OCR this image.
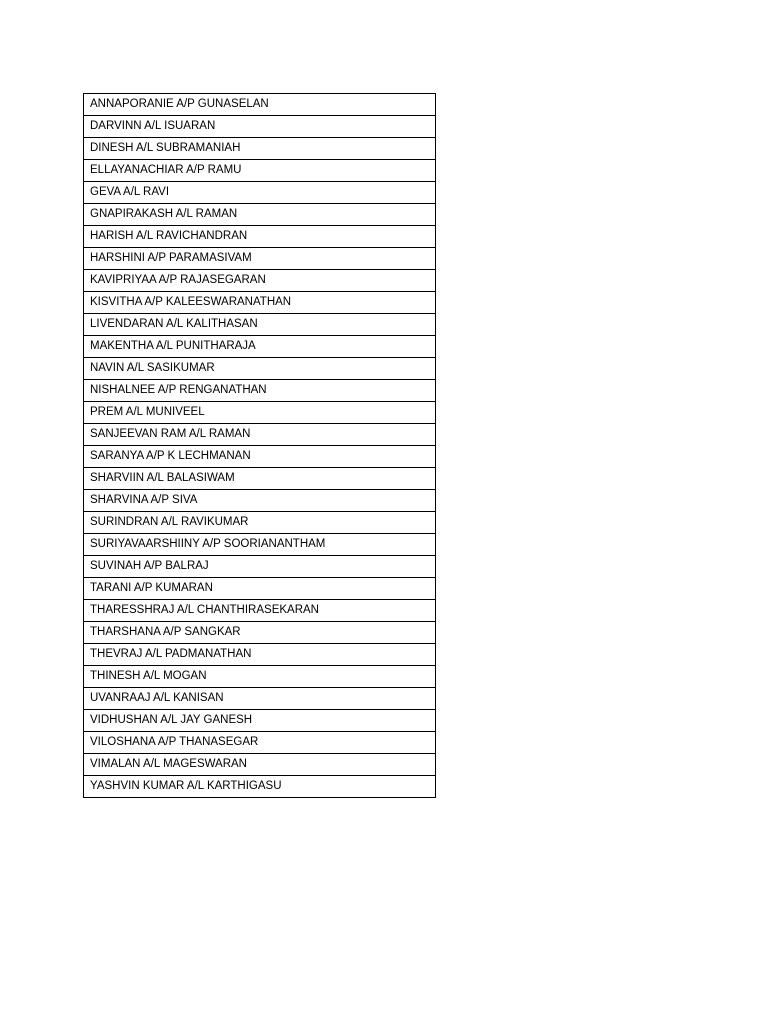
ANNAPORANIE A/P GUNASELAN
DARVINN A/L ISUARAN
DINESH A/L SUBRAMANIAH
ELLAYANACHIAR A/P RAMU
GEVA A/L RAVI
GNAPIRAKASH A/L RAMAN
HARISH A/L RAVICHANDRAN
HARSHINI A/P PARAMASIVAM
KAVIPRIYAA A/P RAJASEGARAN
KISVITHA A/P KALEESWARANATHAN
LIVENDARAN A/L KALITHASAN
MAKENTHA A/L PUNITHARAJA
NAVIN A/L SASIKUMAR
NISHALNEE A/P RENGANATHAN
PREM A/L MUNIVEEL
SANJEEVAN RAM A/L RAMAN
SARANYA A/P K LECHMANAN
SHARVIIN A/L BALASIWAM
SHARVINA A/P SIVA
SURINDRAN A/L RAVIKUMAR
SURIYAVAARSHIINY A/P SOORIANANTHAM
SUVINAH A/P BALRAJ
TARANI A/P KUMARAN
THARESSHRAJ A/L CHANTHIRASEKARAN
THARSHANA A/P SANGKAR
THEVRAJ A/L PADMANATHAN
THINESH A/L MOGAN
UVANRAAJ A/L KANISAN
VIDHUSHAN A/L JAY GANESH
VILOSHANA A/P THANASEGAR
VIMALAN A/L MAGESWARAN
YASHVIN KUMAR A/L KARTHIGASU
